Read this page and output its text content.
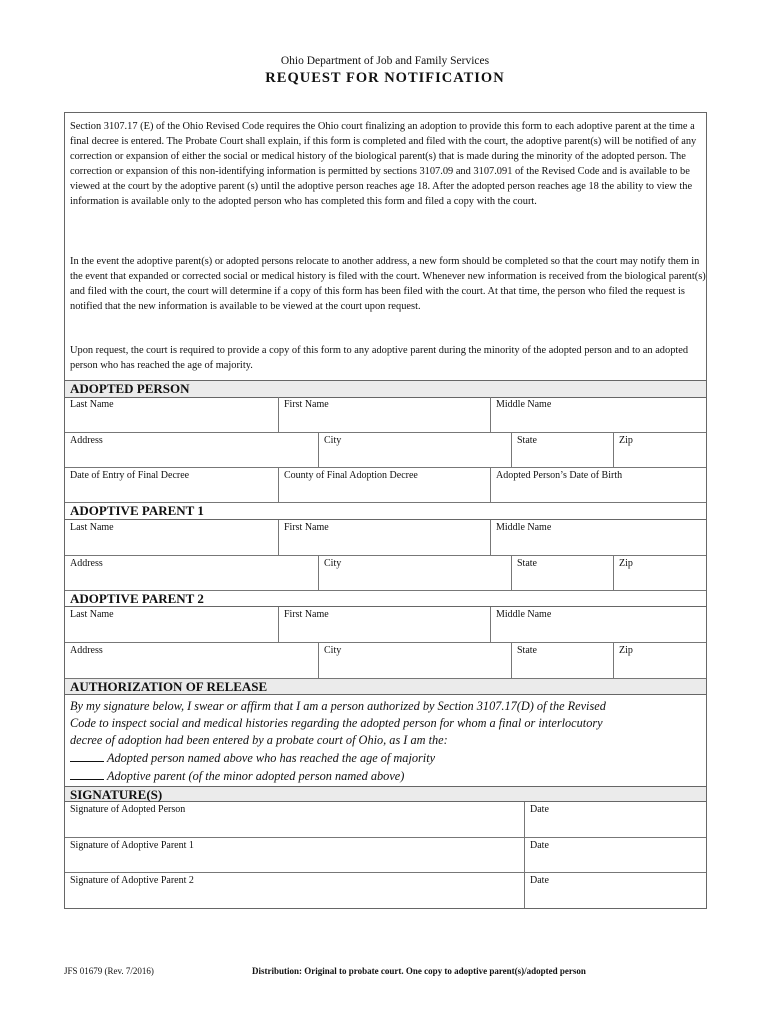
Ohio Department of Job and Family Services
REQUEST FOR NOTIFICATION

Section 3107.17 (E) of the Ohio Revised Code requires the Ohio court finalizing an adoption to provide this form to each adoptive parent at the time a final decree is entered. The Probate Court shall explain, if this form is completed and filed with the court, the adoptive parent(s) will be notified of any correction or expansion of either the social or medical history of the biological parent(s) that is made during the minority of the adopted person. The correction or expansion of this non-identifying information is permitted by sections 3107.09 and 3107.091 of the Revised Code and is available to be viewed at the court by the adoptive parent (s) until the adoptive person reaches age 18. After the adopted person reaches age 18 the ability to view the information is available only to the adopted person who has completed this form and filed a copy with the court.

In the event the adoptive parent(s) or adopted persons relocate to another address, a new form should be completed so that the court may notify them in the event that expanded or corrected social or medical history is filed with the court. Whenever new information is received from the biological parent(s) and filed with the court, the court will determine if a copy of this form has been filed with the court. At that time, the person who filed the request is notified that the new information is available to be viewed at the court upon request.

Upon request, the court is required to provide a copy of this form to any adoptive parent during the minority of the adopted person and to an adopted person who has reached the age of majority.

ADOPTED PERSON
Last Name	First Name	Middle Name
Address	City	State	Zip
Date of Entry of Final Decree	County of Final Adoption Decree	Adopted Person’s Date of Birth
ADOPTIVE PARENT 1
Last Name	First Name	Middle Name
Address	City	State	Zip
ADOPTIVE PARENT 2
Last Name	First Name	Middle Name
Address	City	State	Zip
AUTHORIZATION OF RELEASE
By my signature below, I swear or affirm that I am a person authorized by Section 3107.17(D) of the Revised
Code to inspect social and medical histories regarding the adopted person for whom a final or interlocutory
decree of adoption had been entered by a probate court of Ohio, as I am the:
Adopted person named above who has reached the age of majority
Adoptive parent (of the minor adopted person named above)
SIGNATURE(S)
Signature of Adopted Person	Date
Signature of Adoptive Parent 1	Date
Signature of Adoptive Parent 2	Date
JFS 01679 (Rev. 7/2016)	Distribution: Original to probate court. One copy to adoptive parent(s)/adopted person
